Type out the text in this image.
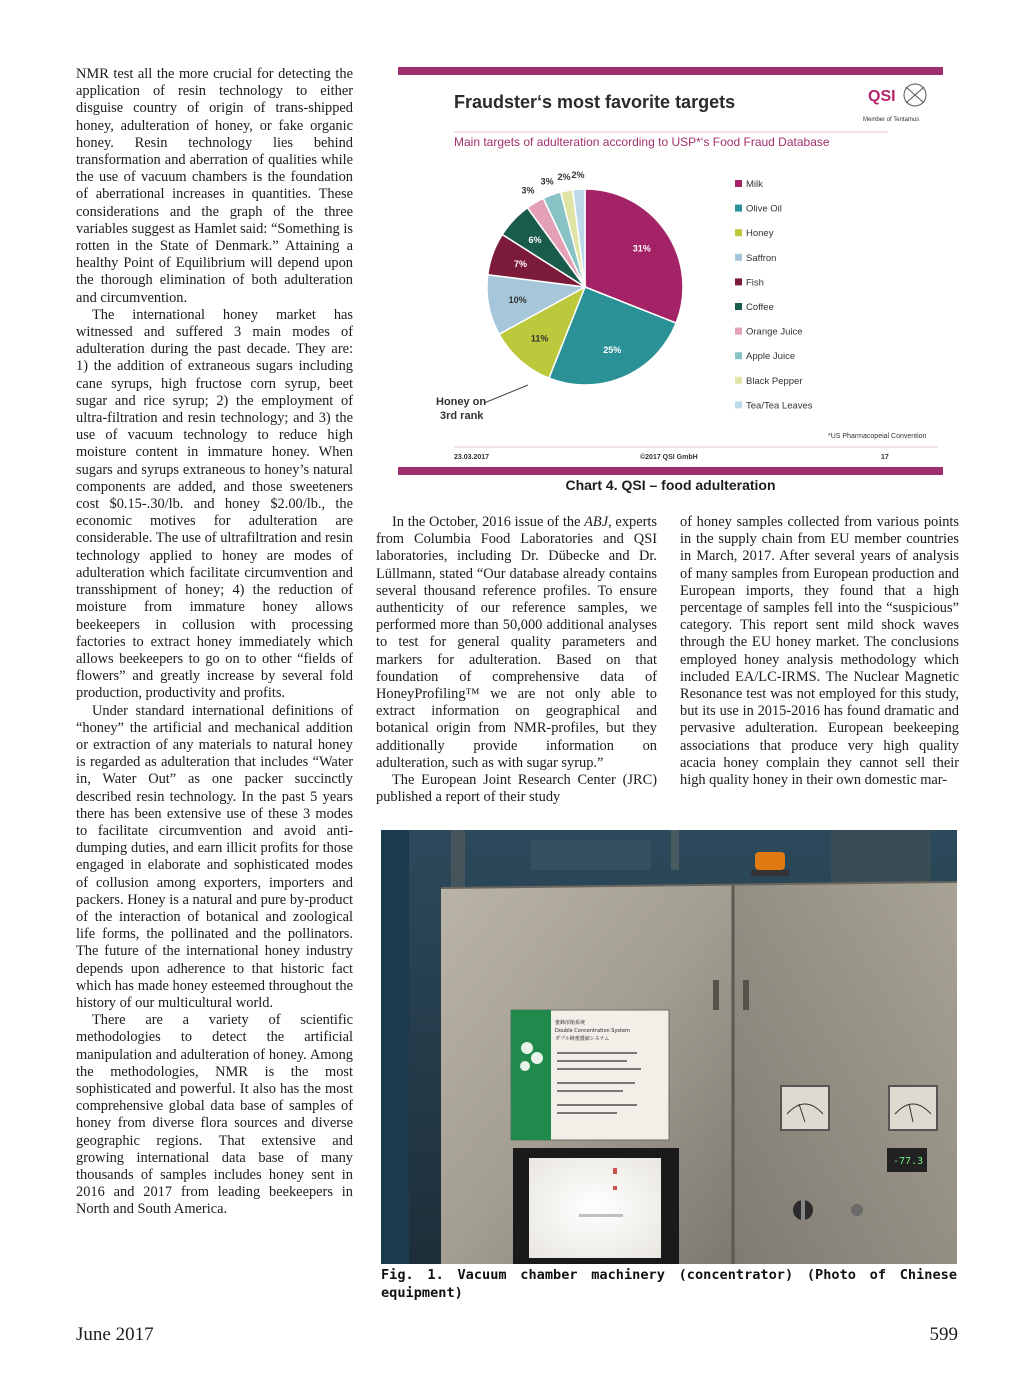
NMR test all the more crucial for detecting the application of resin technology to either disguise country of origin of trans-shipped honey, adulteration of honey, or fake organic honey. Resin technology lies behind transformation and aberration of qualities while the use of vacuum chambers is the foundation of aberrational increases in quantities. These considerations and the graph of the three variables suggest as Hamlet said: “Something is rotten in the State of Denmark.” Attaining a healthy Point of Equilibrium will depend upon the thorough elimination of both adulteration and circumvention.

The international honey market has witnessed and suffered 3 main modes of adulteration during the past decade. They are: 1) the addition of extraneous sugars including cane syrups, high fructose corn syrup, beet sugar and rice syrup; 2) the employment of ultra-filtration and resin technology; and 3) the use of vacuum technology to reduce high moisture content in immature honey. When sugars and syrups extraneous to honey’s natural components are added, and those sweeteners cost $0.15-.30/lb. and honey $2.00/lb., the economic motives for adulteration are considerable. The use of ultrafiltration and resin technology applied to honey are modes of adulteration which facilitate circumvention and transshipment of honey; 4) the reduction of moisture from immature honey allows beekeepers in collusion with processing factories to extract honey immediately which allows beekeepers to go on to other “fields of flowers” and greatly increase by several fold production, productivity and profits.

Under standard international definitions of “honey” the artificial and mechanical addition or extraction of any materials to natural honey is regarded as adulteration that includes “Water in, Water Out” as one packer succinctly described resin technology. In the past 5 years there has been extensive use of these 3 modes to facilitate circumvention and avoid anti-dumping duties, and earn illicit profits for those engaged in elaborate and sophisticated modes of collusion among exporters, importers and packers. Honey is a natural and pure by-product of the interaction of botanical and zoological life forms, the pollinated and the pollinators. The future of the international honey industry depends upon adherence to that historic fact which has made honey esteemed throughout the history of our multicultural world.

There are a variety of scientific methodologies to detect the artificial manipulation and adulteration of honey. Among the methodologies, NMR is the most sophisticated and powerful. It also has the most comprehensive global data base of samples of honey from diverse flora sources and diverse geographic regions. That extensive and growing international data base of many thousands of samples includes honey sent in 2016 and 2017 from leading beekeepers in North and South America.

Fraudster‘s most favorite targets
Main targets of adulteration according to USP*‘s Food Fraud Database
QSI
Member of Tentamus
31%
25%
11%
10%
7%
6%
3%
3% 2% 2%
Milk
Olive Oil
Honey
Saffron
Fish
Coffee
Orange Juice
Apple Juice
Black Pepper
Tea/Tea Leaves
Honey on
3rd rank
*US Pharmacopeial Convention
23.03.2017	©2017 QSI GmbH	17
Chart 4. QSI – food adulteration

In the October, 2016 issue of the ABJ, experts from Columbia Food Laboratories and QSI laboratories, including Dr. Dübecke and Dr. Lüllmann, stated “Our database already contains several thousand reference profiles. To ensure authenticity of our reference samples, we performed more than 50,000 additional analyses to test for general quality parameters and markers for adulteration. Based on that foundation of comprehensive data of HoneyProfiling™ we are not only able to extract information on geographical and botanical origin from NMR-profiles, but they additionally provide information on adulteration, such as with sugar syrup.”

The European Joint Research Center (JRC) published a report of their study

of honey samples collected from various points in the supply chain from EU member countries in March, 2017. After several years of analysis of many samples from European production and European imports, they found that a high percentage of samples fell into the “suspicious” category. This report sent mild shock waves through the EU honey market. The conclusions employed honey analysis methodology which included EA/LC-IRMS. The Nuclear Magnetic Resonance test was not employed for this study, but its use in 2015-2016 has found dramatic and pervasive adulteration. European beekeeping associations that produce very high quality acacia honey complain they cannot sell their high quality honey in their own domestic mar-

蜜蜂浓缩系统
Double Concentration System
ダブル蜂蜜濃縮システム
-77.3
Fig. 1. Vacuum chamber machinery (concentrator) (Photo of Chinese equipment)
June 2017	599
